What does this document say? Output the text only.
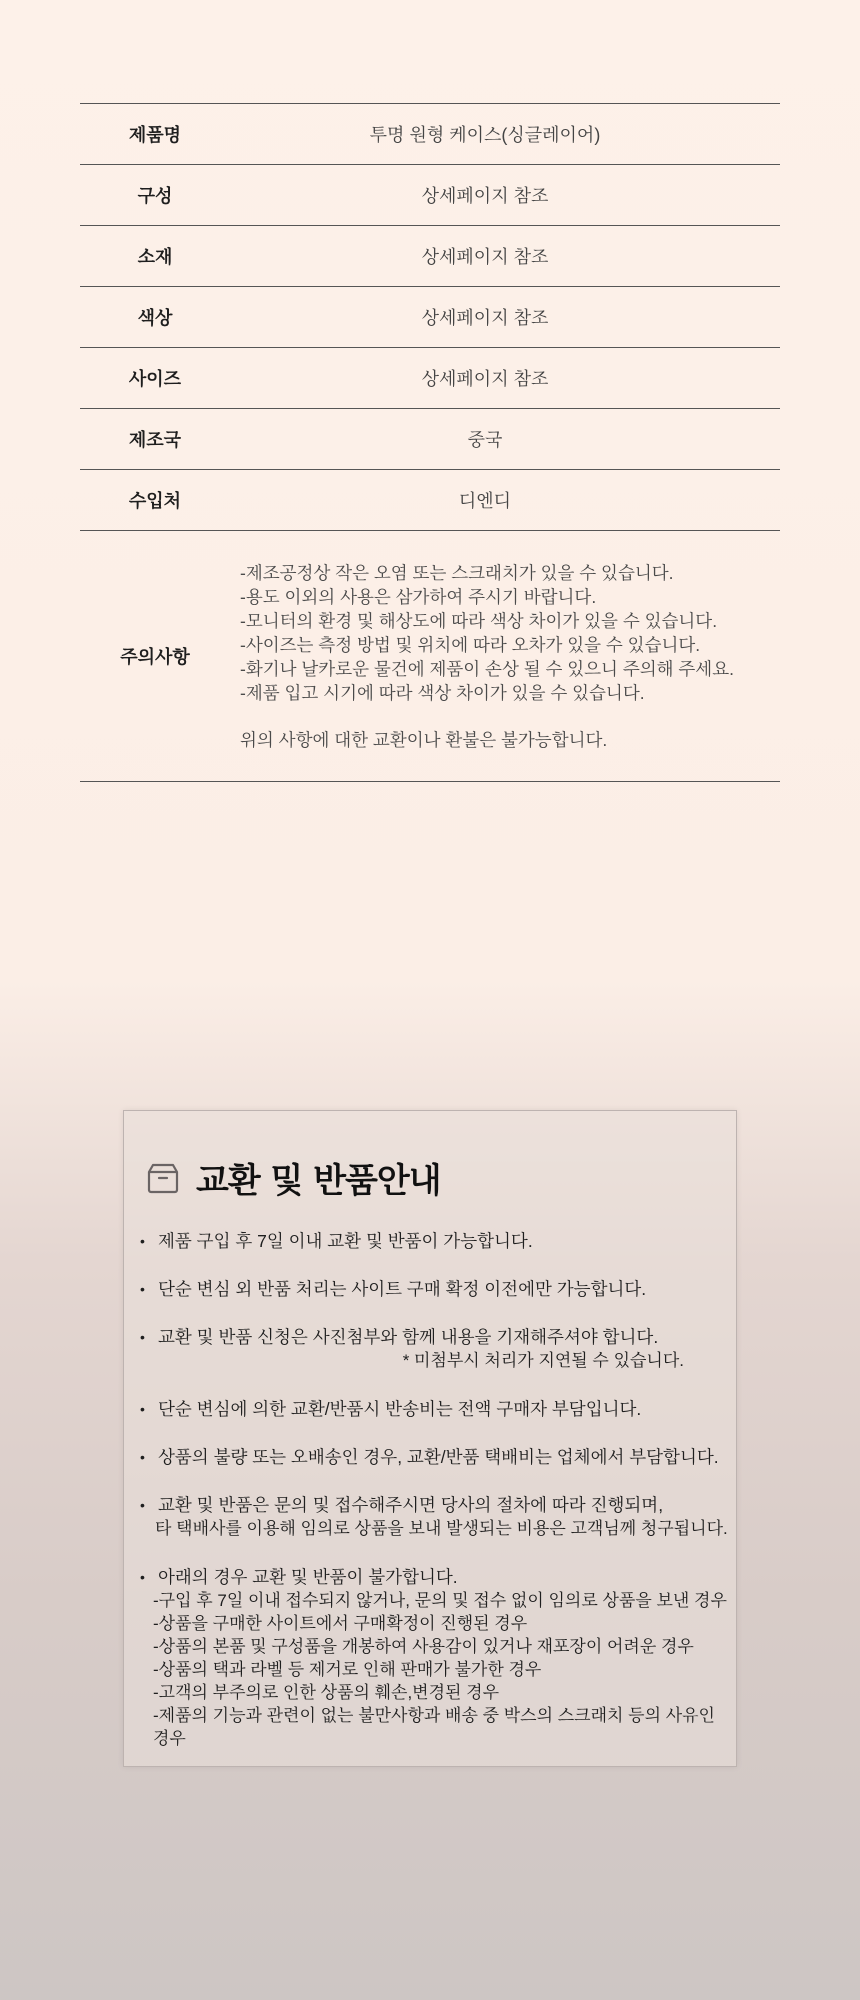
제품명	투명 원형 케이스(싱글레이어)
구성	상세페이지 참조
소재	상세페이지 참조
색상	상세페이지 참조
사이즈	상세페이지 참조
제조국	중국
수입처	디엔디
주의사항
-제조공정상 작은 오염 또는 스크래치가 있을 수 있습니다.
-용도 이외의 사용은 삼가하여 주시기 바랍니다.
-모니터의 환경 및 해상도에 따라 색상 차이가 있을 수 있습니다.
-사이즈는 측정 방법 및 위치에 따라 오차가 있을 수 있습니다.
-화기나 날카로운 물건에 제품이 손상 될 수 있으니 주의해 주세요.
-제품 입고 시기에 따라 색상 차이가 있을 수 있습니다.
위의 사항에 대한 교환이나 환불은 불가능합니다.
교환 및 반품안내
• 제품 구입 후 7일 이내 교환 및 반품이 가능합니다.
• 단순 변심 외 반품 처리는 사이트 구매 확정 이전에만 가능합니다.
• 교환 및 반품 신청은 사진첨부와 함께 내용을 기재해주셔야 합니다.
* 미첨부시 처리가 지연될 수 있습니다.
• 단순 변심에 의한 교환/반품시 반송비는 전액 구매자 부담입니다.
• 상품의 불량 또는 오배송인 경우, 교환/반품 택배비는 업체에서 부담합니다.
• 교환 및 반품은 문의 및 접수해주시면 당사의 절차에 따라 진행되며,
타 택배사를 이용해 임의로 상품을 보내 발생되는 비용은 고객님께 청구됩니다.
• 아래의 경우 교환 및 반품이 불가합니다.
-구입 후 7일 이내 접수되지 않거나, 문의 및 접수 없이 임의로 상품을 보낸 경우
-상품을 구매한 사이트에서 구매확정이 진행된 경우
-상품의 본품 및 구성품을 개봉하여 사용감이 있거나 재포장이 어려운 경우
-상품의 택과 라벨 등 제거로 인해 판매가 불가한 경우
-고객의 부주의로 인한 상품의 훼손,변경된 경우
-제품의 기능과 관련이 없는 불만사항과 배송 중 박스의 스크래치 등의 사유인 경우
